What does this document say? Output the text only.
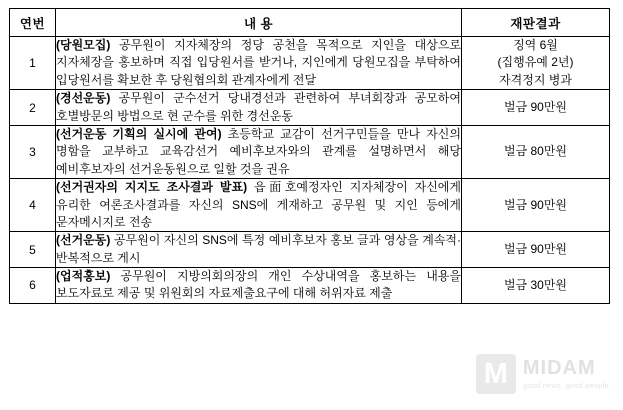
연번	내 용	재판결과
1	(당원모집) 공무원이 지자체장의 정당 공천을 목적으로 지인을 대상으로 지자체장을 홍보하며 직접 입당원서를 받거나, 지인에게 당원모집을 부탁하여 입당원서를 확보한 후 당원협의회 관계자에게 전달	징역 6월
(집행유예 2년)
자격정지 병과

2	(경선운동) 공무원이 군수선거 당내경선과 관련하여 부녀회장과 공모하여 호별방문의 방법으로 현 군수를 위한 경선운동	벌금 90만원

3	(선거운동 기획의 실시에 관여) 초등학교 교감이 선거구민들을 만나 자신의 명함을 교부하고 교육감선거 예비후보자와의 관계를 설명하면서 해당 예비후보자의 선거운동원으로 일할 것을 권유	벌금 80만원

4	(선거권자의 지지도 조사결과 발표) 읍面호예정자인 지자체장이 자신에게 유리한 여론조사결과를 자신의 SNS에 게재하고 공무원 및 지인 등에게 문자메시지로 전송	벌금 90만원

5	(선거운동) 공무원이 자신의 SNS에 특정 예비후보자 홍보 글과 영상을 계속적·반복적으로 게시	벌금 90만원

6	(업적홍보) 공무원이 지방의회의장의 개인 수상내역을 홍보하는 내용을 보도자료로 제공 및 위원회의 자료제출요구에 대해 허위자료 제출	벌금 30만원
M MIDAM
good news, good people
